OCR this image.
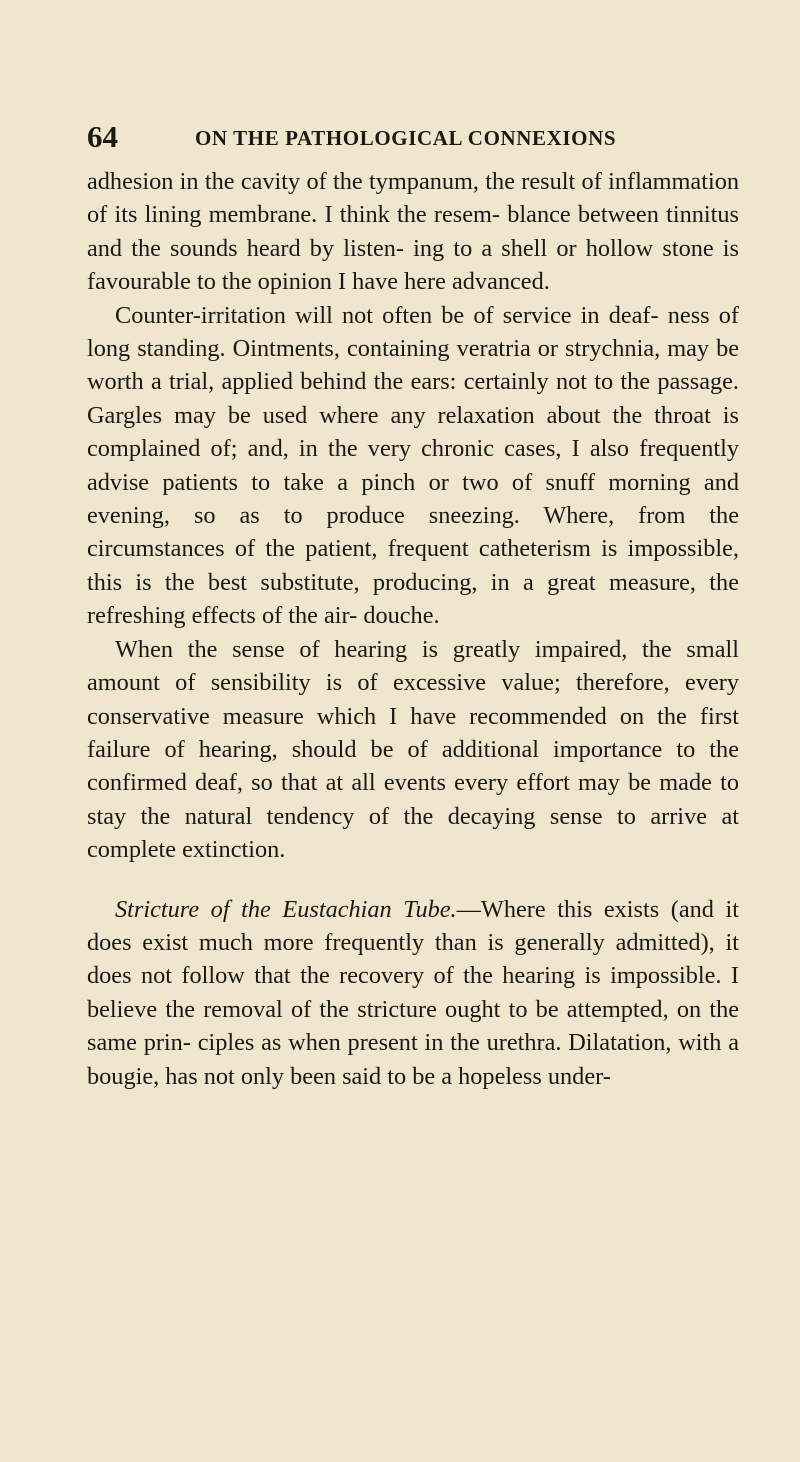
64	ON THE PATHOLOGICAL CONNEXIONS

adhesion in the cavity of the tympanum, the result of inflammation of its lining membrane. I think the resem- blance between tinnitus and the sounds heard by listen- ing to a shell or hollow stone is favourable to the opinion I have here advanced.

Counter-irritation will not often be of service in deaf- ness of long standing. Ointments, containing veratria or strychnia, may be worth a trial, applied behind the ears: certainly not to the passage. Gargles may be used where any relaxation about the throat is complained of; and, in the very chronic cases, I also frequently advise patients to take a pinch or two of snuff morning and evening, so as to produce sneezing. Where, from the circumstances of the patient, frequent catheterism is impossible, this is the best substitute, producing, in a great measure, the refreshing effects of the air- douche.

When the sense of hearing is greatly impaired, the small amount of sensibility is of excessive value; therefore, every conservative measure which I have recommended on the first failure of hearing, should be of additional importance to the confirmed deaf, so that at all events every effort may be made to stay the natural tendency of the decaying sense to arrive at complete extinction.

Stricture of the Eustachian Tube.—Where this exists (and it does exist much more frequently than is generally admitted), it does not follow that the recovery of the hearing is impossible. I believe the removal of the stricture ought to be attempted, on the same prin- ciples as when present in the urethra. Dilatation, with a bougie, has not only been said to be a hopeless under-
